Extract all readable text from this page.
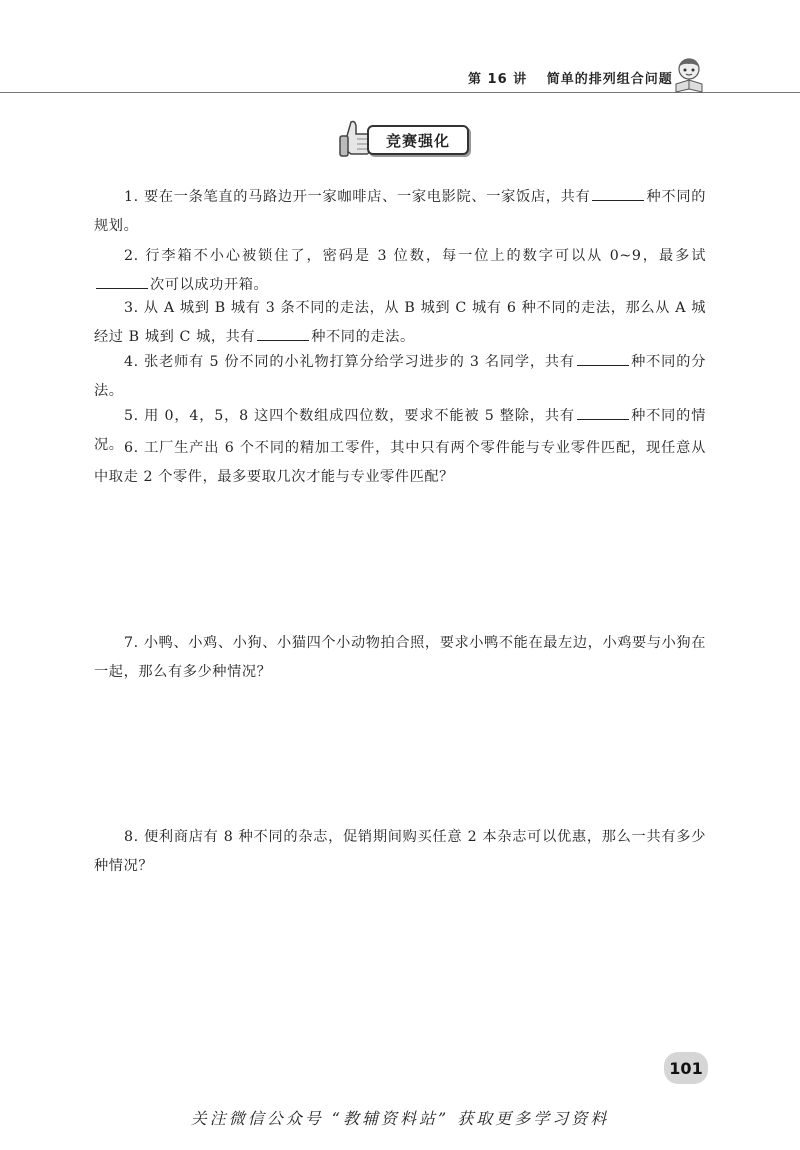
第 16 讲 简单的排列组合问题
竞赛强化
1. 要在一条笔直的马路边开一家咖啡店、一家电影院、一家饭店，共有	种不同的规划。
2. 行李箱不小心被锁住了，密码是 3 位数，每一位上的数字可以从 0~9，最多试次可以成功开箱。
3. 从 A 城到 B 城有 3 条不同的走法，从 B 城到 C 城有 6 种不同的走法，那么从 A 城经过 B 城到 C 城，共有	种不同的走法。
4. 张老师有 5 份不同的小礼物打算分给学习进步的 3 名同学，共有	种不同的分法。
5. 用 0，4，5，8 这四个数组成四位数，要求不能被 5 整除，共有	种不同的情况。 6. 工厂生产出 6 个不同的精加工零件，其中只有两个零件能与专业零件匹配，现任意从中取走 2 个零件，最多要取几次才能与专业零件匹配？
7. 小鸭、小鸡、小狗、小猫四个小动物拍合照，要求小鸭不能在最左边，小鸡要与小狗在一起，那么有多少种情况？
8. 便利商店有 8 种不同的杂志，促销期间购买任意 2 本杂志可以优惠，那么一共有多少种情况？
101
关注微信公众号 “教辅资料站” 获取更多学习资料
